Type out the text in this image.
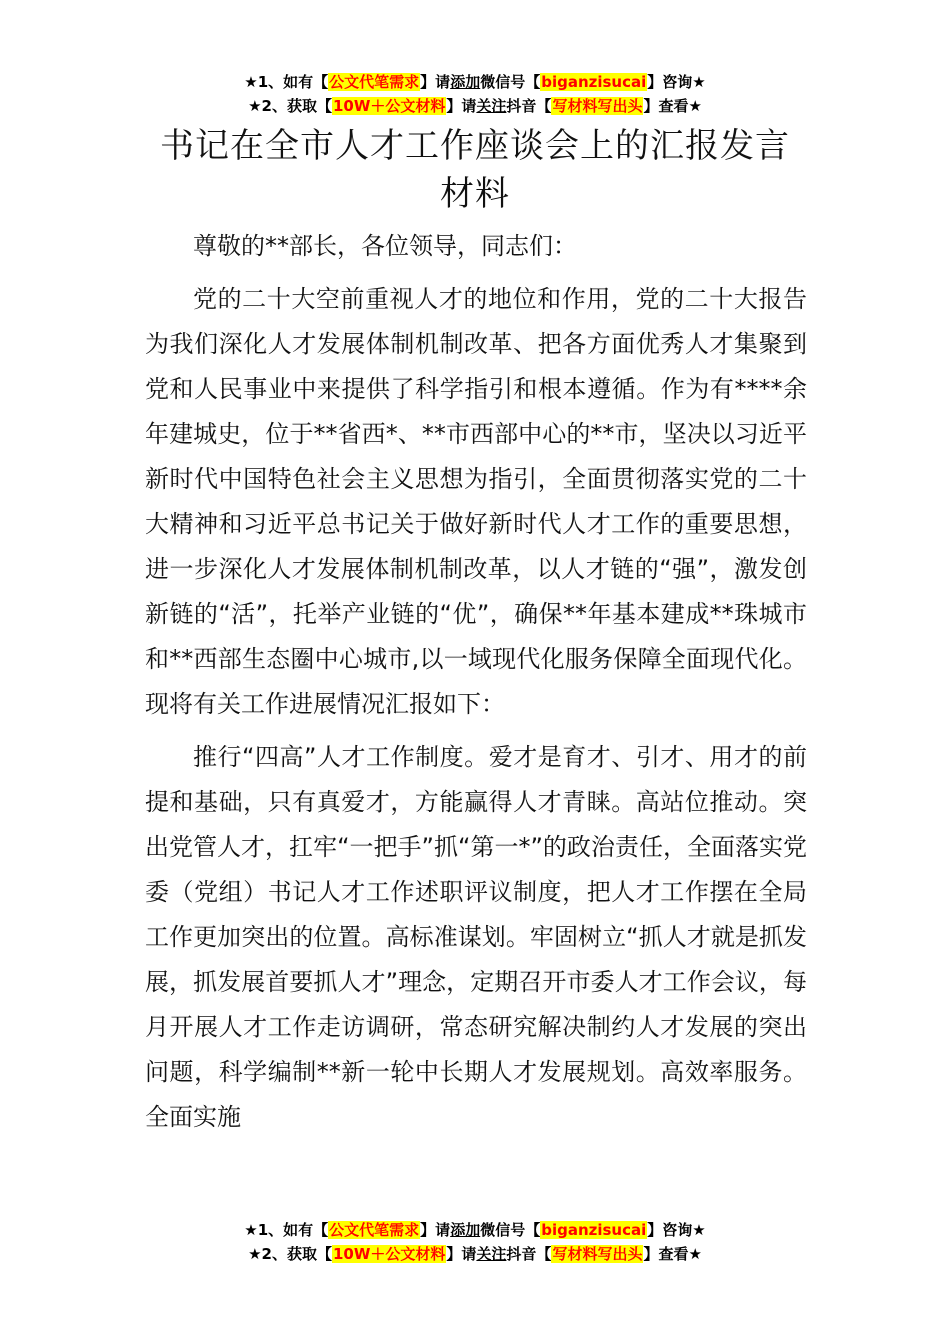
★1、如有【公文代笔需求】请添加微信号【biganzisucai】咨询★
★2、获取【10W＋公文材料】请关注抖音【写材料写出头】查看★
书记在全市人才工作座谈会上的汇报发言材料

尊敬的**部长，各位领导，同志们：

党的二十大空前重视人才的地位和作用，党的二十大报告为我们深化人才发展体制机制改革、把各方面优秀人才集聚到党和人民事业中来提供了科学指引和根本遵循。作为有****余年建城史，位于**省西*、**市西部中心的**市，坚决以习近平新时代中国特色社会主义思想为指引，全面贯彻落实党的二十大精神和习近平总书记关于做好新时代人才工作的重要思想，进一步深化人才发展体制机制改革，以人才链的“强”，激发创新链的“活”，托举产业链的“优”，确保**年基本建成**珠城市和**西部生态圈中心城市,以一域现代化服务保障全面现代化。现将有关工作进展情况汇报如下：

推行“四高”人才工作制度。爱才是育才、引才、用才的前提和基础，只有真爱才，方能赢得人才青睐。高站位推动。突出党管人才，扛牢“一把手”抓“第一*”的政治责任，全面落实党委（党组）书记人才工作述职评议制度，把人才工作摆在全局工作更加突出的位置。高标准谋划。牢固树立“抓人才就是抓发展，抓发展首要抓人才”理念，定期召开市委人才工作会议，每月开展人才工作走访调研，常态研究解决制约人才发展的突出问题，科学编制**新一轮中长期人才发展规划。高效率服务。全面实施

★1、如有【公文代笔需求】请添加微信号【biganzisucai】咨询★
★2、获取【10W＋公文材料】请关注抖音【写材料写出头】查看★
